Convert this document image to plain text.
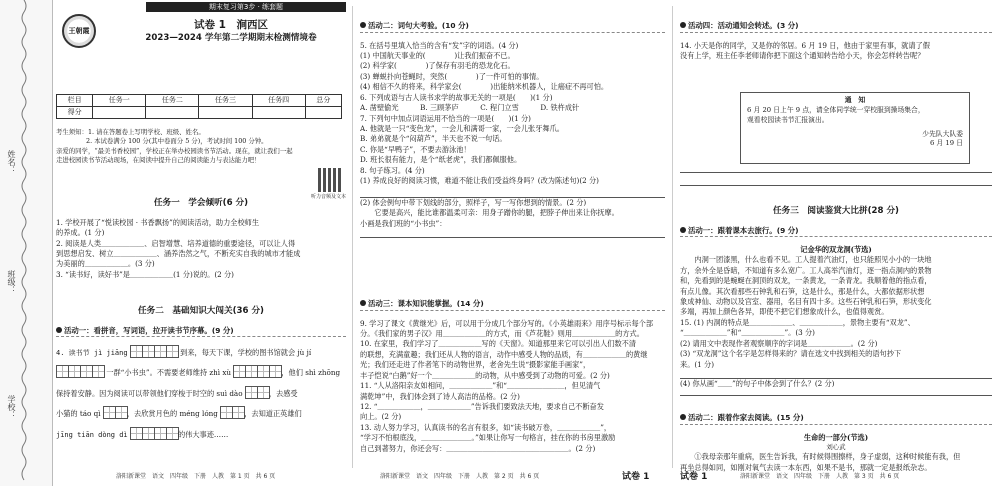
姓名：
班级：
学校：
期末复习第3步 · 练套题
王朝霞	试卷 1　涧西区
2023—2024 学年第二学期期末检测情境卷
栏目	任务一	任务二	任务三	任务四	总分
得分					

考生须知：1. 请在答题卷上写明学校、班级、姓名。

2. 本试卷满分 100 分(其中卷面分 5 分)，考试时间 100 分钟。

亲爱的同学，“最美书香校园”，学校正在举办校园读书节活动。现在，就让我们一起

走进校园读书节活动现场，在阅读中提升自己的阅读能力与表达能力吧！

听力音频及文本

任务一　学会倾听(6 分)

1. 学校开展了“悦读校园 · 书香飘扬”的阅读活动，助力全校师生

的养成。(1 分)

2. 阅读是人类＿＿＿＿＿＿、启智增慧、培养道德的重要途径，可以让人得

到思想启发、树立＿＿＿＿＿＿、涵养浩然之气，不断充实自我的城市才能成

为美丽的＿＿＿＿＿＿。(3 分)

3. “读书好，读好书”是＿＿＿＿＿＿(1 分)说的。(2 分)

任务二　基础知识大闯关(36 分)

活动一：看拼音，写词语，拉开读书节序幕。(9 分)

4. 读书节 jì jiāng	到来，每天下课，学校的图书馆就会 jù jí

一群“小书虫”。不需要老师维持 zhì xù	，他们 shì zhōng

保持着安静。因为阅读可以带领他们穿梭于时空的 suì dào	，去感受

小猫的 táo qì	，去欣赏月色的 méng lóng	，去知道正英雄们

jīng tiān dòng dì	的伟大事迹……

洛阳新课堂　语文　四年级　下册　人教　第 1 页　共 6 页

活动二：词句大考验。(10 分)

5. 在括号里填入恰当的含有“发”字的词语。(4 分)

(1) 中国航天事业的(　　　　)让我们振奋不已。

(2) 科学家(　　　　)了保存有羽毛的恐龙化石。

(3) 蝉蜕扑向苍蝇时，突然(　　　　)了一件可怕的事情。

(4) 相信不久的将来，科学家会(　　　　)出能纳米机器人，让癌症不再可怕。

6. 下列成语与古人读书求学的故事无关的一项是(　　)(1 分)

A. 凿壁偷光　　　B. 三顾茅庐　　　C. 程门立雪　　　D. 铁杵成针

7. 下列句中加点词语运用不恰当的一项是(　　)(1 分)

A. 他就是一只“变色龙”，一会儿和满哥一家，一会儿张牙舞爪。

B. 弟弟就是个“闷葫芦”，半天也不说一句话。

C. 你是“早鸭子”，不要去游泳池！

D. 班长很有能力，是个“纸老虎”，我们都佩服他。

8. 句子练习。(4 分)

(1) 养成良好的阅读习惯，难道不能让我们受益终身吗？(改为陈述句)(2 分)

(2) 体会例句中带下划线的部分，照样子，写一写你想到的情景。(2 分)

　　它要是高兴，能比谁都温柔可亲：用身子蹭你的腿，把脖子伸出来让你抚摩。

小画是我们班的“小书虫”：

活动三：课本知识能掌握。(14 分)

9. 学习了课文《黄继光》后，可以用于分成几个部分写的。《小英雄雨来》用序号标示每个部

分。《我们家的男子汉》用＿＿＿＿＿＿的方式，而《芦花鞋》则用＿＿＿＿＿＿的方式。

10. 在家里，我们学习了＿＿＿＿＿＿写的《天窗》。知道那里来它可以引出人们数不清

的联想，充满童趣；我们还从人物的语言，动作中感受人物的品质，有＿＿＿＿＿＿的黄继

光；我们还走进了作者笔下的动物世界，老舍先生说“摄影家能手画家”，

丰子恺说“白鹅”好一个＿＿＿＿＿＿的动物，从中感受到了动物的可爱。(2 分)

11. “人从洛阳亲友如相问，＿＿＿＿＿＿”和“＿＿＿＿＿＿＿＿，但见清气

满乾坤”中，我们体会到了诗人高洁的品格。(2 分)

12. “＿＿＿＿＿＿，＿＿＿＿＿＿”告诉我们要致法天地，要求自己不断奋发

向上。(2 分)

13. 动人努力学习，认真读书的名言有很多，如“读书破万卷，＿＿＿＿＿＿”，

“学习不怕根底浅，＿＿＿＿＿＿＿。”如果让你写一句格言，挂在你的书房里激励

自己到著努力，你还会写：＿＿＿＿＿＿＿＿＿＿＿＿＿＿＿＿＿。(2 分)

洛阳新课堂　语文　四年级　下册　人教　第 2 页　共 6 页	试卷 1

活动四：活动通知会转述。(3 分)

14. 小天是你的同学，又是你的邻居。6 月 19 日，他由于家里有事，就请了假

没有上学，班主任李老师请你把下面这个通知转告给小天，你会怎样转告呢？

通　知
6 月 20 日上午 9 点，请全体同学统一穿校服到操场集合，
观看校园读书节汇报演出。
少先队大队委
6 月 19 日

任务三　阅读鉴赏大比拼(28 分)

活动一：跟着课本去旅行。(9 分)

记金华的双龙洞(节选)

　　内洞一团漆黑，什么也看不见。工人提着汽油灯，也只能照见小小的一块地

方，余外全是昏暗，不知道有多么宽广。工人高举汽油灯，逐一指点洞内的景物

和，先看到的是蜿蜒在洞顶的双龙，一条黄龙，一条青龙。我顺着他的指点看，

有点儿像。其次看那些石钟乳和石笋，这是什么，那是什么，大都依据形状想

象成神仙、动物以及宫室、器用，名目有四十多。这些石钟乳和石笋，形状变化

多端，再加上颜色各异，即使不把它们想象成什么，也值得观赏。

15. (1) 内洞的特点是＿＿＿＿＿＿、＿＿＿＿＿＿，景物主要有“双龙”、

“＿＿＿＿＿＿”和“＿＿＿＿＿＿”。(3 分)

(2) 请用文中表现作者观察顺序的字词是＿＿＿＿＿＿。(2 分)

(3) “双龙洞”这个名字是怎样得来的？请在选文中找到相关的语句抄下

来。(1 分)

(4) 你从画“＿＿”的句子中体会到了什么？(2 分)

活动二：跟着作家去阅读。(15 分)

生命的一部分(节选)

刘心武

　　①我母亲那年重病，医生告诉我，有时候得围擦样，身子虚弱，这种时候能有我，但

再坐总得如同，如刚对氧气去读一本东西，如果不是书，那就一定是报纸杂志。

试卷 1	洛阳新课堂　语文　四年级　下册　人教　第 3 页　共 6 页
